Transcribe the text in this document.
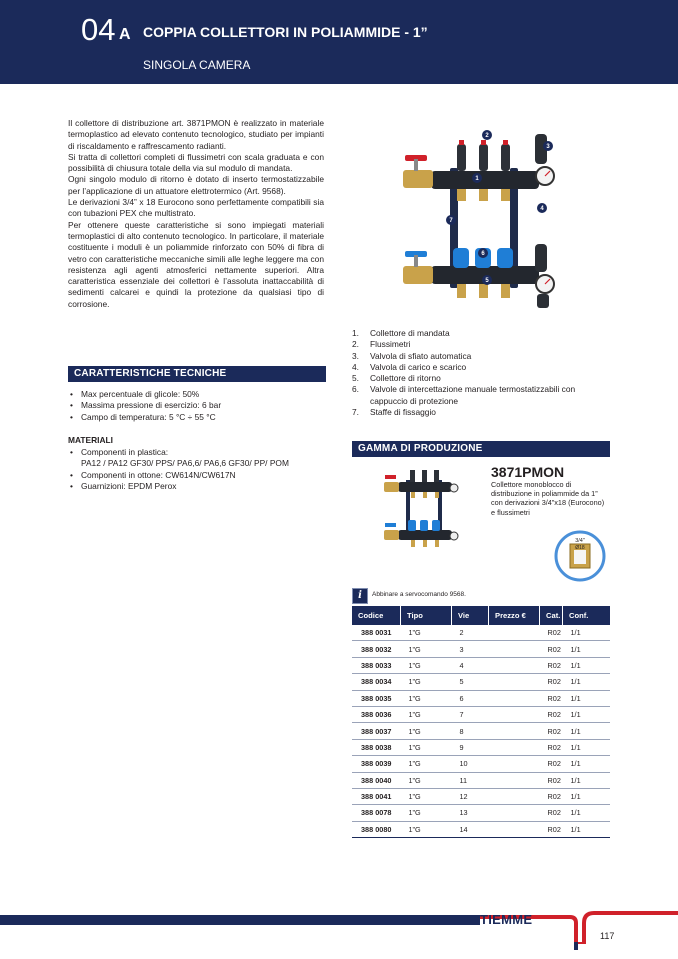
04 A COPPIA COLLETTORI IN POLIAMMIDE - 1”
SINGOLA CAMERA

Il collettore di distribuzione art. 3871PMON è realizzato in materiale termoplastico ad elevato contenuto tecnologico, studiato per impianti di riscaldamento e raffrescamento radianti.

Si tratta di collettori completi di flussimetri con scala graduata e con possibilità di chiusura totale della via sul modulo di mandata.

Ogni singolo modulo di ritorno è dotato di inserto termostatizzabile per l’applicazione di un attuatore elettrotermico (Art. 9568).

Le derivazioni 3/4” x 18 Eurocono sono perfettamente compatibili sia con tubazioni PEX che multistrato.

Per ottenere queste caratteristiche si sono impiegati materiali termoplastici di alto contenuto tecnologico. In particolare, il materiale costituente i moduli è un poliammide rinforzato con 50% di fibra di vetro con caratteristiche meccaniche simili alle leghe leggere ma con resistenza agli agenti atmosferici nettamente superiori. Altra caratteristica essenziale dei collettori è l’assoluta inattaccabilità di sedimenti calcarei e quindi la protezione da qualsiasi tipo di corrosione.

CARATTERISTICHE TECNICHE
• Max percentuale di glicole: 50%
• Massima pressione di esercizio: 6 bar
• Campo di temperatura: 5 °C ÷ 55 °C
MATERIALI
• Componenti in plastica:
PA12 / PA12 GF30/ PPS/ PA6,6/ PA6,6 GF30/ PP/ POM
• Componenti in ottone: CW614N/CW617N
• Guarnizioni: EPDM Perox
1
2
3
4
5
6
7
1. Collettore di mandata
2. Flussimetri
3. Valvola di sfiato automatica
4. Valvola di carico e scarico
5. Collettore di ritorno
6. Valvole di intercettazione manuale termostatizzabili con cappuccio di protezione
7. Staffe di fissaggio
GAMMA DI PRODUZIONE
3871PMON
Collettore monoblocco di distribuzione in poliammide da 1” con derivazioni 3/4”x18 (Eurocono) e flussimetri
3/4"
Ø18
i	Abbinare a servocomando 9568.
Codice	Tipo	Vie	Prezzo €	Cat.	Conf.
388 0031	1”G	2		R02	1/1
388 0032	1”G	3		R02	1/1
388 0033	1”G	4		R02	1/1
388 0034	1”G	5		R02	1/1
388 0035	1”G	6		R02	1/1
388 0036	1”G	7		R02	1/1
388 0037	1”G	8		R02	1/1
388 0038	1”G	9		R02	1/1
388 0039	1”G	10		R02	1/1
388 0040	1”G	11		R02	1/1
388 0041	1”G	12		R02	1/1
388 0078	1”G	13		R02	1/1
388 0080	1”G	14		R02	1/1
TIEMME
117
